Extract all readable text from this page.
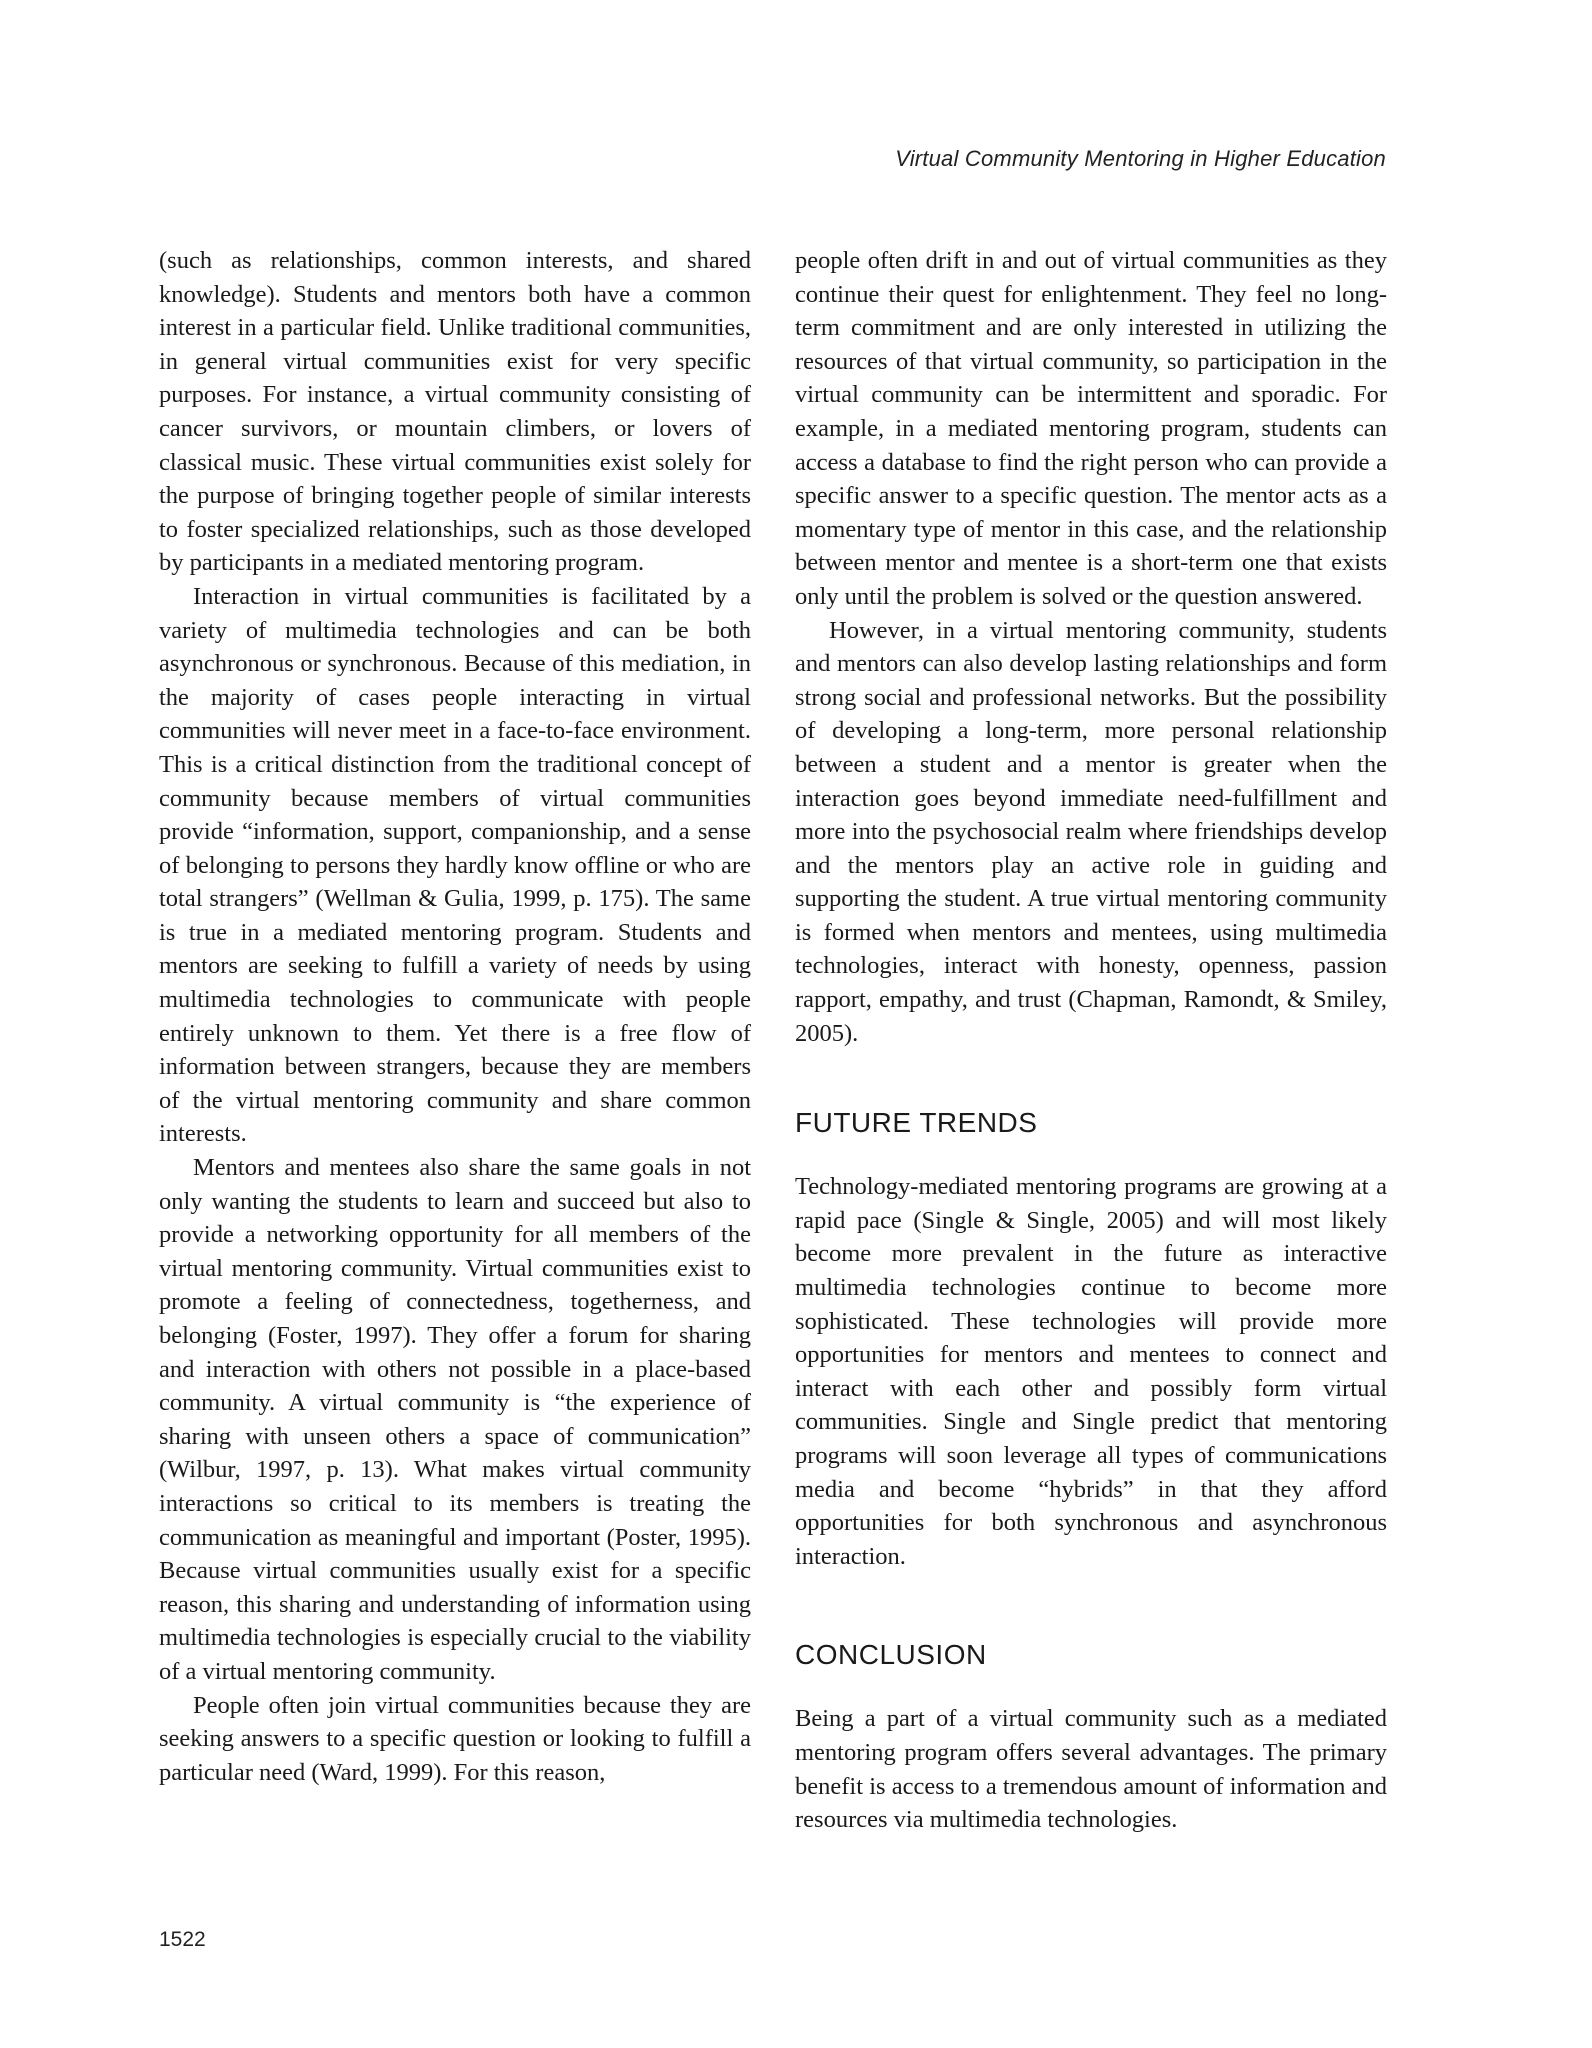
Virtual Community Mentoring in Higher Education

(such as relationships, common interests, and shared knowledge). Students and mentors both have a common interest in a particular field. Unlike traditional communities, in general virtual communities exist for very specific purposes. For instance, a virtual community consisting of cancer survivors, or mountain climbers, or lovers of classical music. These virtual communities exist solely for the purpose of bringing together people of similar interests to foster specialized relationships, such as those developed by participants in a mediated mentoring program.

Interaction in virtual communities is facilitated by a variety of multimedia technologies and can be both asynchronous or synchronous. Because of this mediation, in the majority of cases people interacting in virtual communities will never meet in a face-to-face environment. This is a critical distinction from the traditional concept of community because members of virtual communities provide “information, support, companionship, and a sense of belonging to persons they hardly know offline or who are total strangers” (Wellman & Gulia, 1999, p. 175). The same is true in a mediated mentoring program. Students and mentors are seeking to fulfill a variety of needs by using multimedia technologies to communicate with people entirely unknown to them. Yet there is a free flow of information between strangers, because they are members of the virtual mentoring community and share common interests.

Mentors and mentees also share the same goals in not only wanting the students to learn and succeed but also to provide a networking opportunity for all members of the virtual mentoring community. Virtual communities exist to promote a feeling of connectedness, togetherness, and belonging (Foster, 1997). They offer a forum for sharing and interaction with others not possible in a place-based community. A virtual community is “the experience of sharing with unseen others a space of communication” (Wilbur, 1997, p. 13). What makes virtual community interactions so critical to its members is treating the communication as meaningful and important (Poster, 1995). Because virtual communities usually exist for a specific reason, this sharing and understanding of information using multimedia technologies is especially crucial to the viability of a virtual mentoring community.

People often join virtual communities because they are seeking answers to a specific question or looking to fulfill a particular need (Ward, 1999). For this reason,

people often drift in and out of virtual communities as they continue their quest for enlightenment. They feel no long-term commitment and are only interested in utilizing the resources of that virtual community, so participation in the virtual community can be intermittent and sporadic. For example, in a mediated mentoring program, students can access a database to find the right person who can provide a specific answer to a specific question. The mentor acts as a momentary type of mentor in this case, and the relationship between mentor and mentee is a short-term one that exists only until the problem is solved or the question answered.

However, in a virtual mentoring community, students and mentors can also develop lasting relationships and form strong social and professional networks. But the possibility of developing a long-term, more personal relationship between a student and a mentor is greater when the interaction goes beyond immediate need-fulfillment and more into the psychosocial realm where friendships develop and the mentors play an active role in guiding and supporting the student. A true virtual mentoring community is formed when mentors and mentees, using multimedia technologies, interact with honesty, openness, passion rapport, empathy, and trust (Chapman, Ramondt, & Smiley, 2005).

FUTURE TRENDS

Technology-mediated mentoring programs are growing at a rapid pace (Single & Single, 2005) and will most likely become more prevalent in the future as interactive multimedia technologies continue to become more sophisticated. These technologies will provide more opportunities for mentors and mentees to connect and interact with each other and possibly form virtual communities. Single and Single predict that mentoring programs will soon leverage all types of communications media and become “hybrids” in that they afford opportunities for both synchronous and asynchronous interaction.

CONCLUSION

Being a part of a virtual community such as a mediated mentoring program offers several advantages. The primary benefit is access to a tremendous amount of information and resources via multimedia technologies.

1522
